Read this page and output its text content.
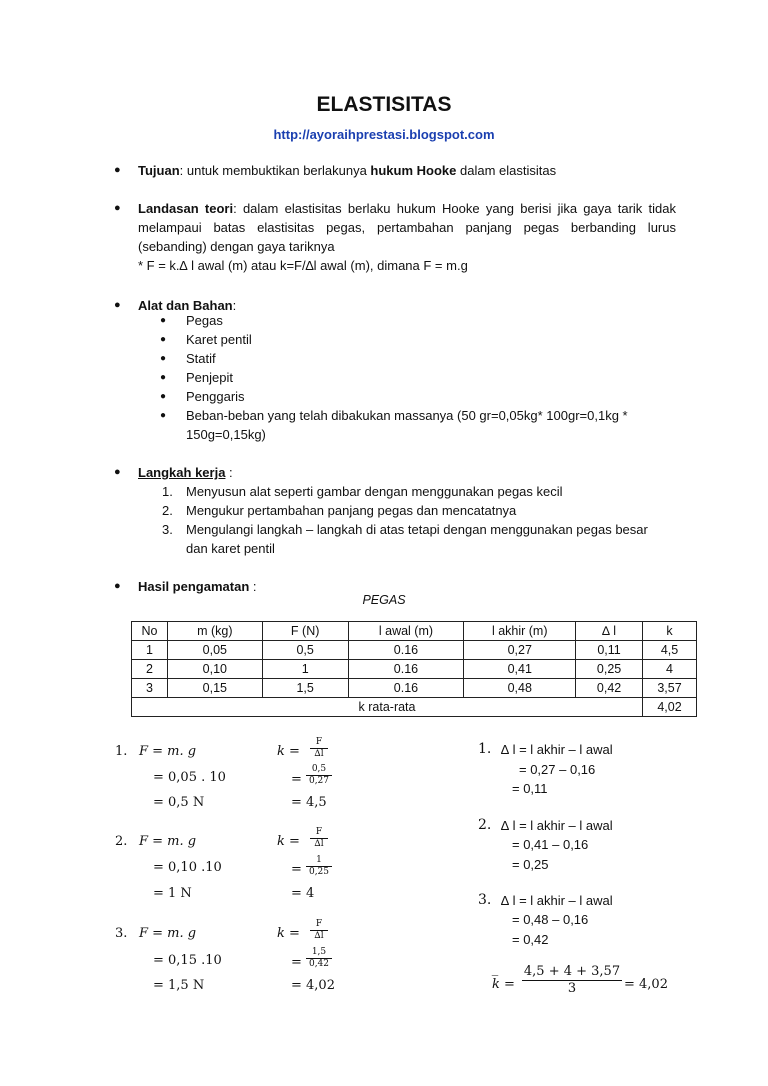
ELASTISITAS
http://ayoraihprestasi.blogspot.com
● Tujuan: untuk membuktikan berlakunya hukum Hooke dalam elastisitas
● Landasan teori: dalam elastisitas berlaku hukum Hooke yang berisi jika gaya tarik tidak melampaui batas elastisitas pegas, pertambahan panjang pegas berbanding lurus (sebanding) dengan gaya tariknya
* F = k.∆ l awal (m) atau k=F/∆l awal (m), dimana F = m.g
● Alat dan Bahan:
● Pegas
● Karet pentil
● Statif
● Penjepit
● Penggaris
● Beban-beban yang telah dibakukan massanya (50 gr=0,05kg* 100gr=0,1kg * 150g=0,15kg)
● Langkah kerja :
1. Menyusun alat seperti gambar dengan menggunakan pegas kecil
2. Mengukur pertambahan panjang pegas dan mencatatnya
3. Mengulangi langkah – langkah di atas tetapi dengan menggunakan pegas besar dan karet pentil
● Hasil pengamatan :
PEGAS
No	m (kg)	F (N)	l awal (m)	l akhir (m)	∆ l	k
1	0,05	0,5	0.16	0,27	0,11	4,5
2	0,10	1	0.16	0,41	0,25	4
3	0,15	1,5	0.16	0,48	0,42	3,57
k rata-rata						4,02
1. F = m. g
= 0,05 . 10
= 0,5 N
2. F = m. g
= 0,10 .10
= 1 N
3. F = m. g
= 0,15 .10
= 1,5 N
$k = \frac{F}{\Delta l}$
= $\frac{0,5}{0,27}$
= 4,5
$k = \frac{F}{\Delta l}$
= $\frac{1}{0,25}$
= 4
$k = \frac{F}{\Delta l}$
= $\frac{1,5}{0,42}$
= 4,02
1. ∆ l = l akhir – l awal
= 0,27 – 0,16
= 0,11
2. ∆ l = l akhir – l awal
= 0,41 – 0,16
= 0,25
3. ∆ l = l akhir – l awal
= 0,48 – 0,16
= 0,42
k̅ = $\frac{4,5 + 4 + 3,57}{3} = 4,02$
